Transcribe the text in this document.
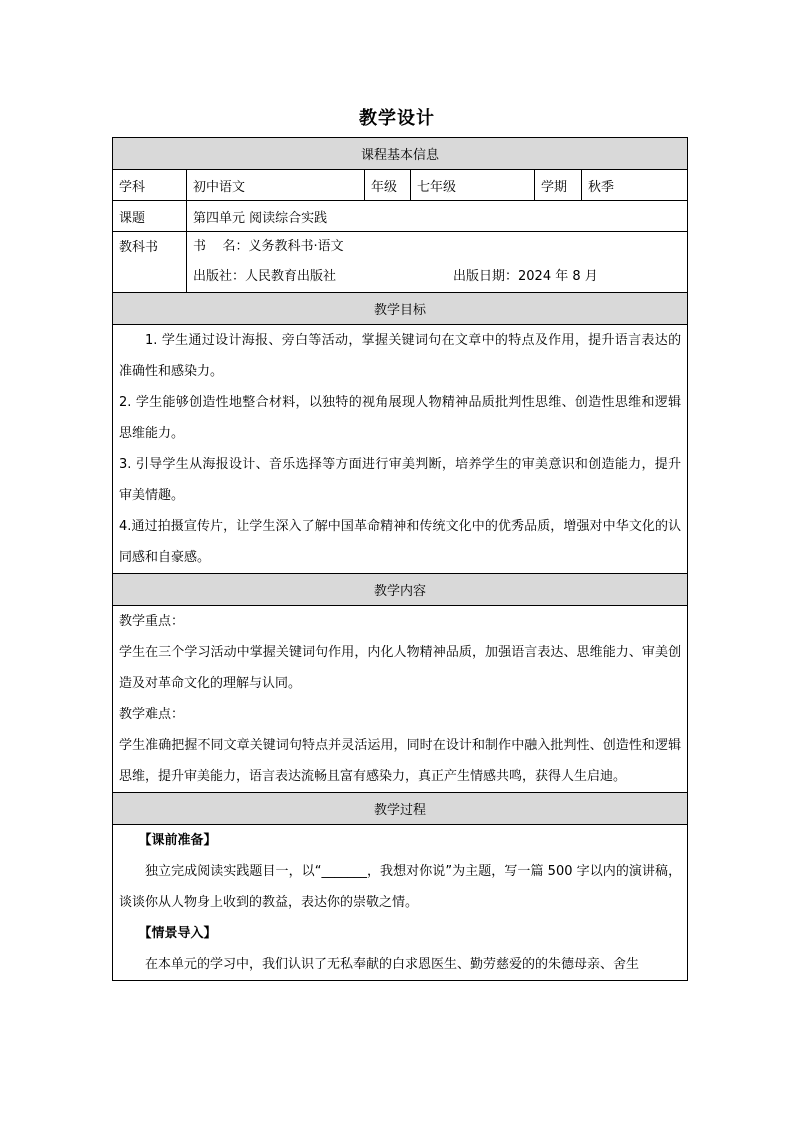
教学设计
课程基本信息					
学科	初中语文	年级	七年级	学期	秋季
课题	第四单元 阅读综合实践				
教科书	书    名：义务教科书·语文
出版社：人民教育出版社 出版日期：2024 年 8 月				

教学目标					

1. 学生通过设计海报、旁白等活动，掌握关键词句在文章中的特点及作用，提升语言表达的准确性和感染力。

2. 学生能够创造性地整合材料，以独特的视角展现人物精神品质批判性思维、创造性思维和逻辑思维能力。

3. 引导学生从海报设计、音乐选择等方面进行审美判断，培养学生的审美意识和创造能力，提升审美情趣。

4.通过拍摄宣传片，让学生深入了解中国革命精神和传统文化中的优秀品质，增强对中华文化的认同感和自豪感。					

教学内容					

教学重点：

学生在三个学习活动中掌握关键词句作用，内化人物精神品质，加强语言表达、思维能力、审美创造及对革命文化的理解与认同。

教学难点：

学生准确把握不同文章关键词句特点并灵活运用，同时在设计和制作中融入批判性、创造性和逻辑思维，提升审美能力，语言表达流畅且富有感染力，真正产生情感共鸣，获得人生启迪。					

教学过程					

【课前准备】

独立完成阅读实践题目一，以“_______，我想对你说”为主题，写一篇 500 字以内的演讲稿，谈谈你从人物身上收到的教益，表达你的崇敬之情。

【情景导入】

在本单元的学习中，我们认识了无私奉献的白求恩医生、勤劳慈爱的的朱德母亲、舍生					
